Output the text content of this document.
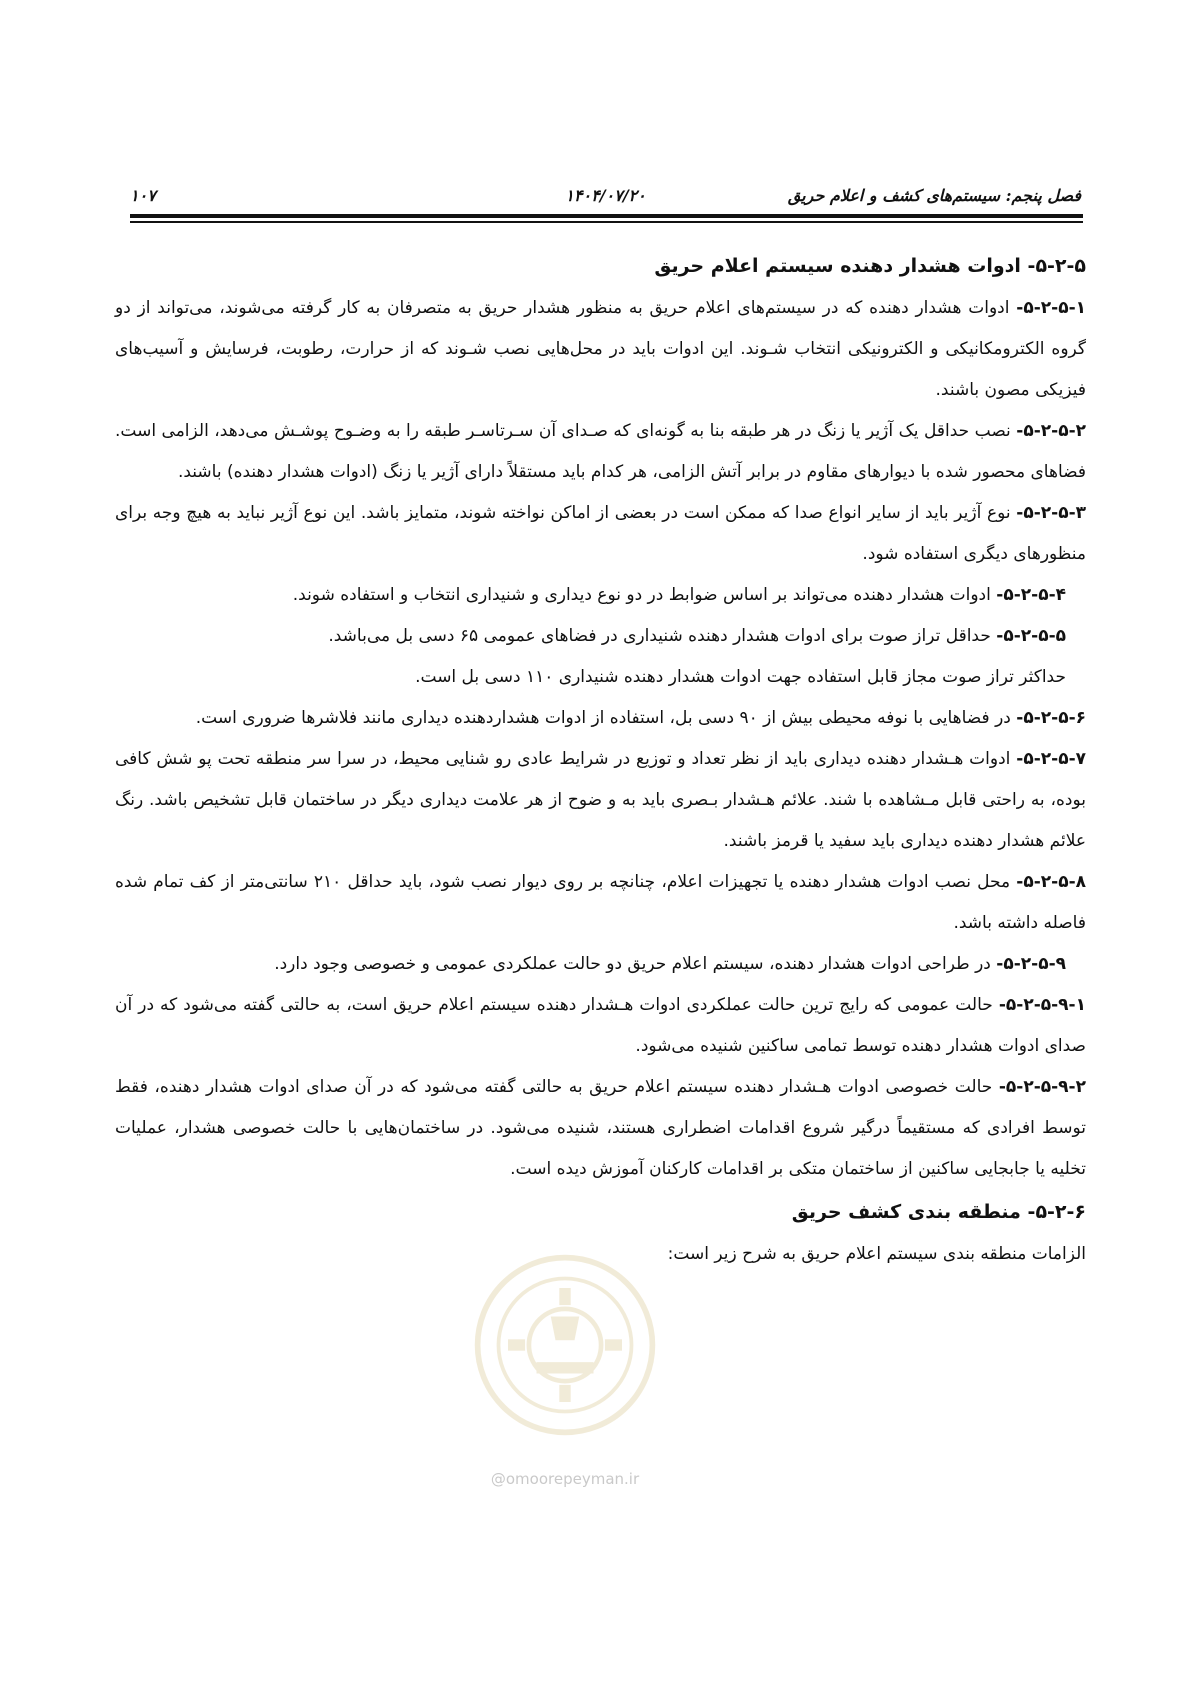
فصل پنجم: سیستم‌های کشف و اعلام حریق
۱۴۰۴/۰۷/۲۰
۱۰۷
۵-۲-۵- ادوات هشدار دهنده سیستم اعلام حریق

۵-۲-۵-۱- ادوات هشدار دهنده که در سیستم‌های اعلام حریق به منظور هشدار حریق به متصرفان به کار گرفته می‌شوند، می‌تواند از دو گروه الکترومکانیکی و الکترونیکی انتخاب شـوند. این ادوات باید در محل‌هایی نصب شـوند که از حرارت، رطوبت، فرسایش و آسیب‌های فیزیکی مصون باشند.

۵-۲-۵-۲- نصب حداقل یک آژیر یا زنگ در هر طبقه بنا به گونه‌ای که صـدای آن سـرتاسـر طبقه را به وضـوح پوشـش می‌دهد، الزامی است. فضاهای محصور شده با دیوارهای مقاوم در برابر آتش الزامی، هر کدام باید مستقلاً دارای آژیر یا زنگ (ادوات هشدار دهنده) باشند.

۵-۲-۵-۳- نوع آژیر باید از سایر انواع صدا که ممکن است در بعضی از اماکن نواخته شوند، متمایز باشد. این نوع آژیر نباید به هیچ وجه برای منظورهای دیگری استفاده شود.

۵-۲-۵-۴- ادوات هشدار دهنده می‌تواند بر اساس ضوابط در دو نوع دیداری و شنیداری انتخاب و استفاده شوند.

۵-۲-۵-۵- حداقل تراز صوت برای ادوات هشدار دهنده شنیداری در فضاهای عمومی ۶۵ دسی بل می‌باشد.

حداکثر تراز صوت مجاز قابل استفاده جهت ادوات هشدار دهنده شنیداری ۱۱۰ دسی بل است.

۵-۲-۵-۶- در فضاهایی با نوفه محیطی بیش از ۹۰ دسی بل، استفاده از ادوات هشداردهنده دیداری مانند فلاشرها ضروری است.

۵-۲-۵-۷- ادوات هـشدار دهنده دیداری باید از نظر تعداد و توزیع در شرایط عادی رو شنایی محیط، در سرا سر منطقه تحت پو شش کافی بوده، به راحتی قابل مـشاهده با شند. علائم هـشدار بـصری باید به و ضوح از هر علامت دیداری دیگر در ساختمان قابل تشخیص باشد. رنگ علائم هشدار دهنده دیداری باید سفید یا قرمز باشند.

۵-۲-۵-۸- محل نصب ادوات هشدار دهنده یا تجهیزات اعلام، چنانچه بر روی دیوار نصب شود، باید حداقل ۲۱۰ سانتی‌متر از کف تمام شده فاصله داشته باشد.

۵-۲-۵-۹- در طراحی ادوات هشدار دهنده، سیستم اعلام حریق دو حالت عملکردی عمومی و خصوصی وجود دارد.

۵-۲-۵-۹-۱- حالت عمومی که رایج ترین حالت عملکردی ادوات هـشدار دهنده سیستم اعلام حریق است، به حالتی گفته می‌شود که در آن صدای ادوات هشدار دهنده توسط تمامی ساکنین شنیده می‌شود.

۵-۲-۵-۹-۲- حالت خصوصی ادوات هـشدار دهنده سیستم اعلام حریق به حالتی گفته می‌شود که در آن صدای ادوات هشدار دهنده، فقط توسط افرادی که مستقیماً درگیر شروع اقدامات اضطراری هستند، شنیده می‌شود. در ساختمان‌هایی با حالت خصوصی هشدار، عملیات تخلیه یا جابجایی ساکنین از ساختمان متکی بر اقدامات کارکنان آموزش دیده است.

۵-۲-۶- منطقه بندی کشف حریق

الزامات منطقه بندی سیستم اعلام حریق به شرح زیر است:

@omoorepeyman.ir
